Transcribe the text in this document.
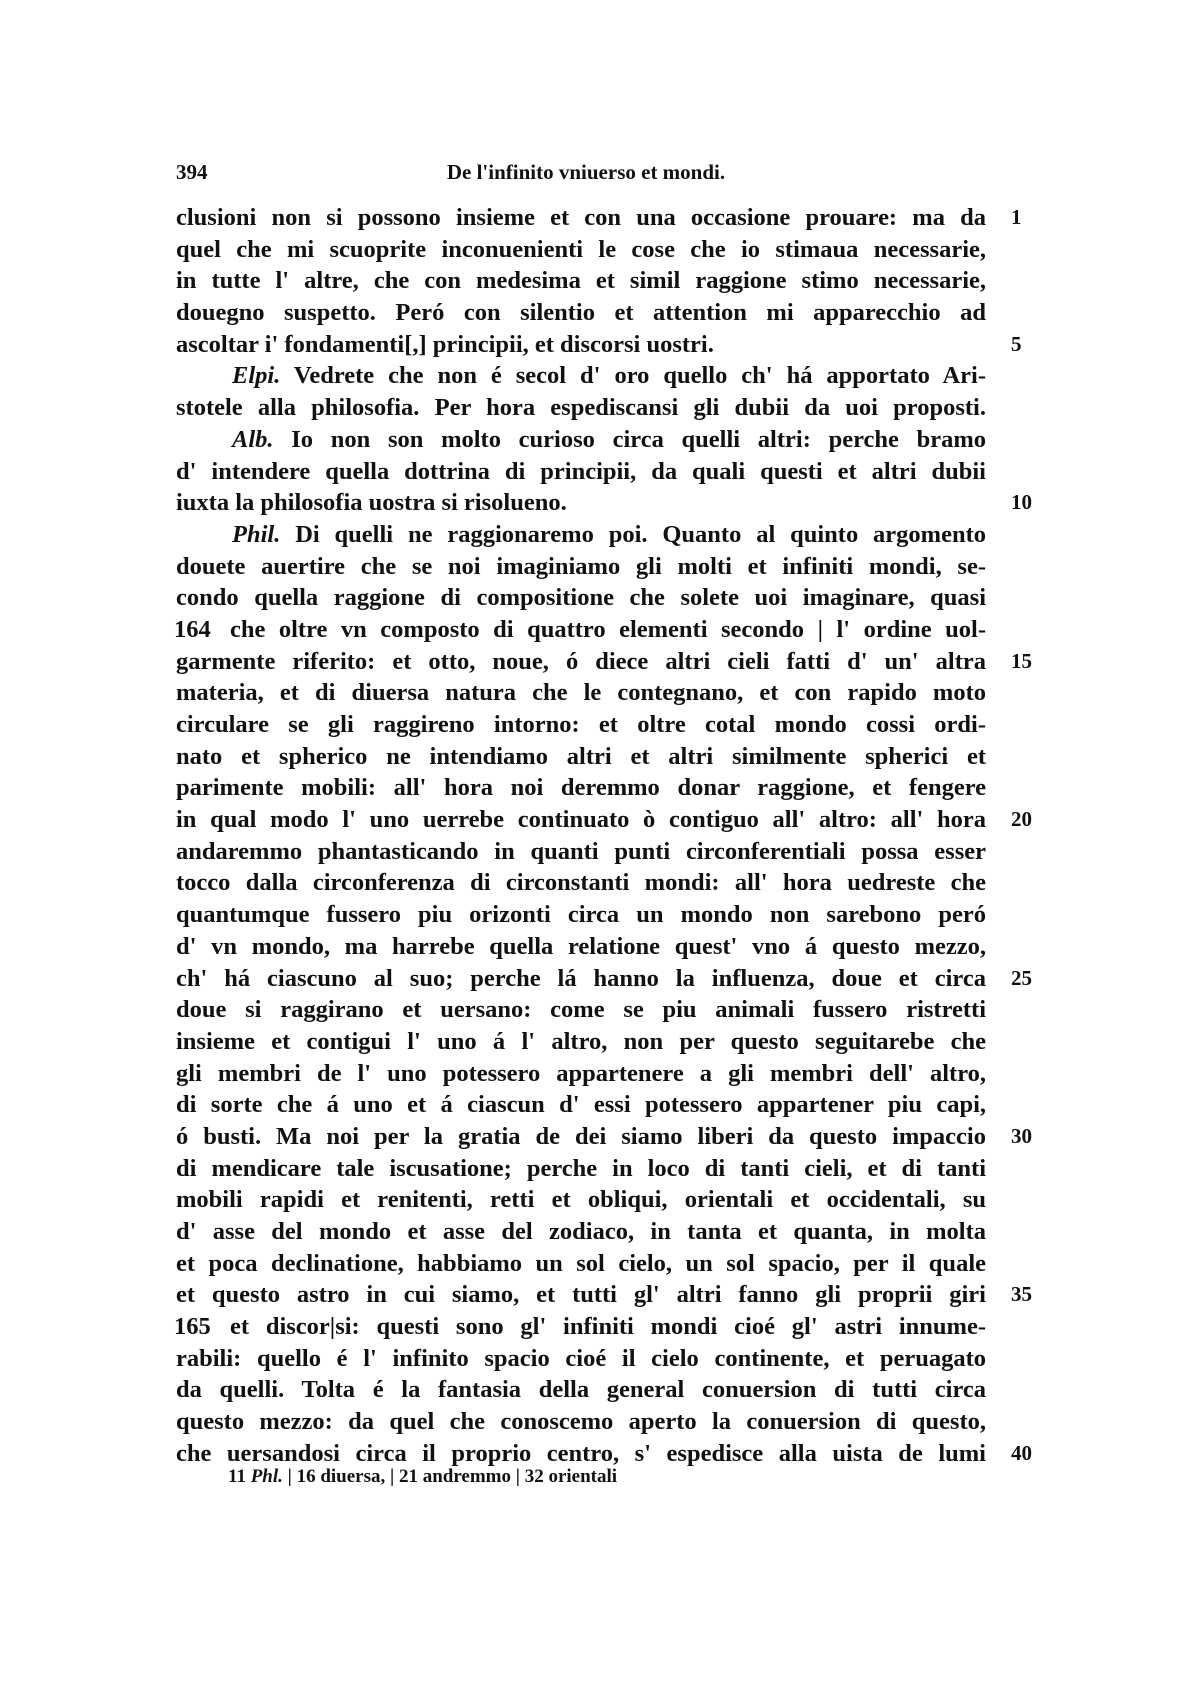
394	De l'infinito vniuerso et mondi.
clusioni non si possono insieme et con una occasione prouare: ma da 1
quel che mi scuoprite inconuenienti le cose che io stimaua necessarie,
in tutte l' altre, che con medesima et simil raggione stimo necessarie,
douegno suspetto. Peró con silentio et attention mi apparecchio ad
ascoltar i' fondamenti[,] principii, et discorsi uostri.	5
Elpi. Vedrete che non é secol d' oro quello ch' há apportato Ari-
stotele alla philosofia. Per hora espediscansi gli dubii da uoi proposti.
Alb. Io non son molto curioso circa quelli altri: perche bramo
d' intendere quella dottrina di principii, da quali questi et altri dubii
iuxta la philosofia uostra si risolueno.	10
Phil. Di quelli ne raggionaremo poi. Quanto al quinto argomento
douete auertire che se noi imaginiamo gli molti et infiniti mondi, se-
condo quella raggione di compositione che solete uoi imaginare, quasi
164 che oltre vn composto di quattro elementi secondo | l' ordine uol-
garmente riferito: et otto, noue, ó diece altri cieli fatti d' un' altra 15
materia, et di diuersa natura che le contegnano, et con rapido moto
circulare se gli raggireno intorno: et oltre cotal mondo cossi ordi-
nato et spherico ne intendiamo altri et altri similmente spherici et
parimente mobili: all' hora noi deremmo donar raggione, et fengere
in qual modo l' uno uerrebe continuato ò contiguo all' altro: all' hora 20
andaremmo phantasticando in quanti punti circonferentiali possa esser
tocco dalla circonferenza di circonstanti mondi: all' hora uedreste che
quantumque fussero piu orizonti circa un mondo non sarebono peró
d' vn mondo, ma harrebe quella relatione quest' vno á questo mezzo,
ch' há ciascuno al suo; perche lá hanno la influenza, doue et circa 25
doue si raggirano et uersano: come se piu animali fussero ristretti
insieme et contigui l' uno á l' altro, non per questo seguitarebe che
gli membri de l' uno potessero appartenere a gli membri dell' altro,
di sorte che á uno et á ciascun d' essi potessero appartener piu capi,
ó busti. Ma noi per la gratia de dei siamo liberi da questo impaccio 30
di mendicare tale iscusatione; perche in loco di tanti cieli, et di tanti
mobili rapidi et renitenti, retti et obliqui, orientali et occidentali, su
d' asse del mondo et asse del zodiaco, in tanta et quanta, in molta
et poca declinatione, habbiamo un sol cielo, un sol spacio, per il quale
et questo astro in cui siamo, et tutti gl' altri fanno gli proprii giri 35
165 et discor|si: questi sono gl' infiniti mondi cioé gl' astri innume-
rabili: quello é l' infinito spacio cioé il cielo continente, et peruagato
da quelli. Tolta é la fantasia della general conuersion di tutti circa
questo mezzo: da quel che conoscemo aperto la conuersion di questo,
che uersandosi circa il proprio centro, s' espedisce alla uista de lumi 40
11 Phl. | 16 diuersa, | 21 andremmo | 32 orientali
